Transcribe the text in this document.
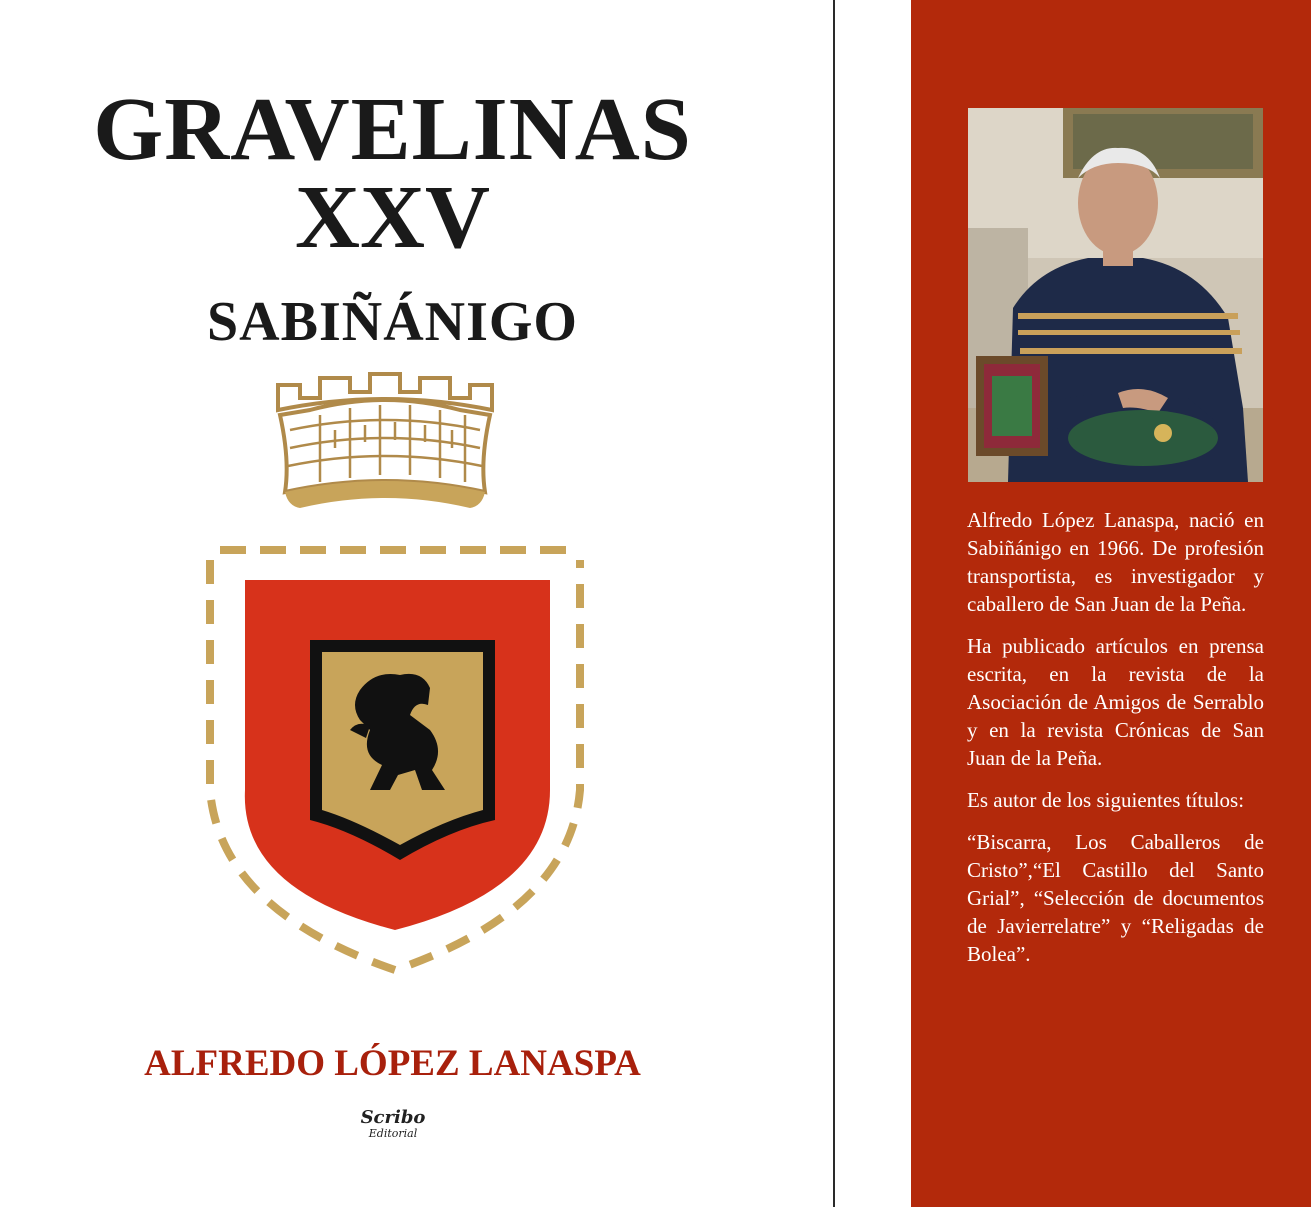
GRAVELINAS
XXV
SABIÑÁNIGO
ALFREDO LÓPEZ LANASPA
Scribo
Editorial

Alfredo López Lanaspa, nació en Sabiñánigo en 1966. De profesión transportista, es investigador y caballero de San Juan de la Peña.

Ha publicado artículos en prensa escrita, en la revista de la Asociación de Amigos de Serrablo y en la revista Crónicas de San Juan de la Peña.

Es autor de los siguientes títulos:

“Biscarra, Los Caballeros de Cristo”,“El Castillo del Santo Grial”, “Selección de documentos de Javierrelatre” y “Religadas de Bolea”.
